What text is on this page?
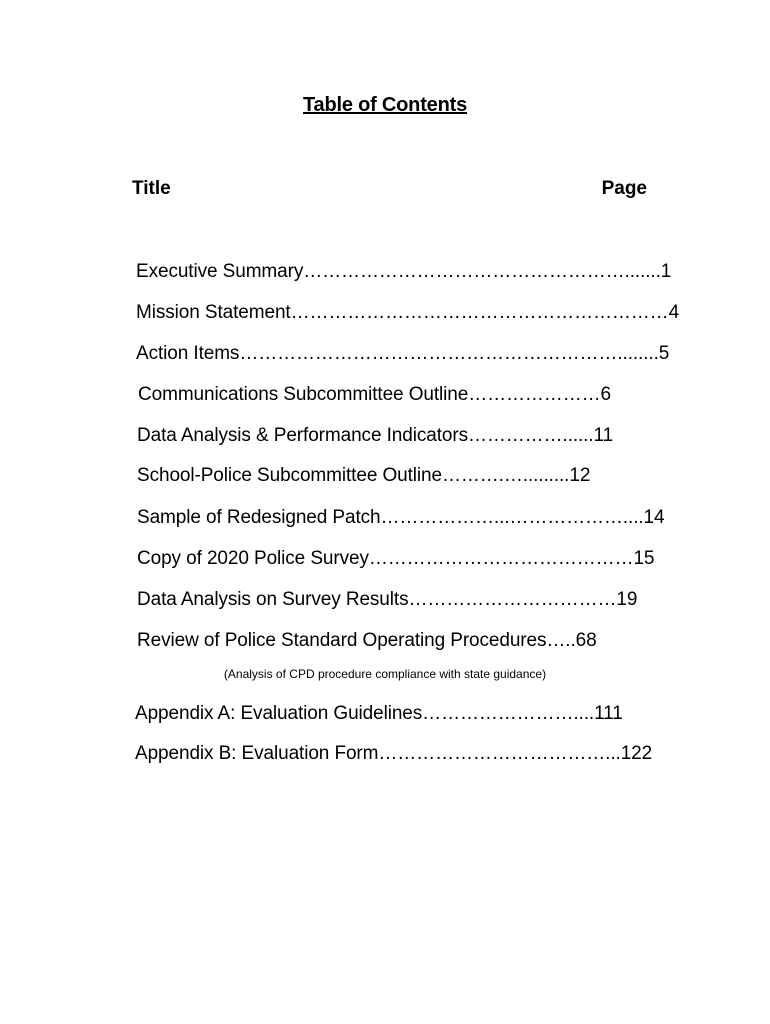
Table of Contents
Title	Page
Executive Summary…………………………………………….......1
Mission Statement……………………………………………………4
Action Items……………………………………………………........5
Communications Subcommittee Outline…………………6
Data Analysis & Performance Indicators……………......11
School-Police Subcommittee Outline……….….........12
Sample of Redesigned Patch………………...………………....14
Copy of 2020 Police Survey……………………………………15
Data Analysis on Survey Results……………………………19
Review of Police Standard Operating Procedures…..68
(Analysis of CPD procedure compliance with state guidance)
Appendix A: Evaluation Guidelines……………………....111
Appendix B: Evaluation Form………………………………...122
